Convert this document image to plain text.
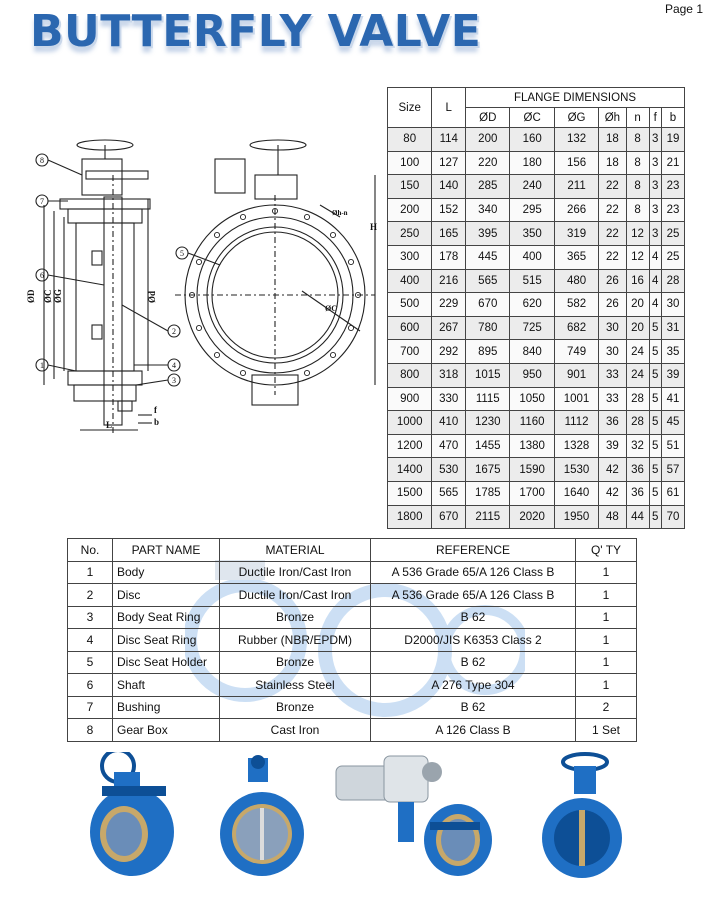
Page 1
BUTTERFLY VALVE
8
7
6
1
2
4
3
5
ØD ØC ØG	Ød
f
b
L
H
Øh-n
ØC
Size	L	FLANGE DIMENSIONS						
		ØD	ØC	ØG	Øh	n	f	b
80	114	200	160	132	18	8	3	19
100	127	220	180	156	18	8	3	21
150	140	285	240	211	22	8	3	23
200	152	340	295	266	22	8	3	23
250	165	395	350	319	22	12	3	25
300	178	445	400	365	22	12	4	25
400	216	565	515	480	26	16	4	28
500	229	670	620	582	26	20	4	30
600	267	780	725	682	30	20	5	31
700	292	895	840	749	30	24	5	35
800	318	1015	950	901	33	24	5	39
900	330	1115	1050	1001	33	28	5	41
1000	410	1230	1160	1112	36	28	5	45
1200	470	1455	1380	1328	39	32	5	51
1400	530	1675	1590	1530	42	36	5	57
1500	565	1785	1700	1640	42	36	5	61
1800	670	2115	2020	1950	48	44	5	70
No.	PART NAME	MATERIAL	REFERENCE	Q' TY
1	Body	Ductile Iron/Cast Iron	A 536 Grade 65/A 126 Class B	1
2	Disc	Ductile Iron/Cast Iron	A 536 Grade 65/A 126 Class B	1
3	Body Seat Ring	Bronze	B 62	1
4	Disc Seat Ring	Rubber (NBR/EPDM)	D2000/JIS K6353 Class 2	1
5	Disc Seat Holder	Bronze	B 62	1
6	Shaft	Stainless Steel	A 276 Type 304	1
7	Bushing	Bronze	B 62	2
8	Gear Box	Cast Iron	A 126 Class B	1 Set
